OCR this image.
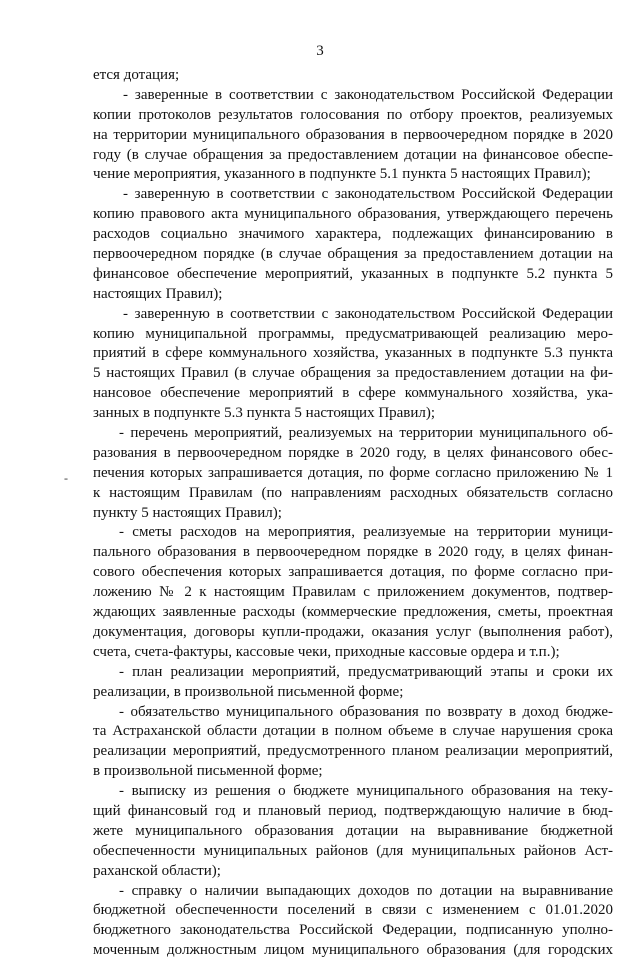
3
-
ется дотация;
- заверенные в соответствии с законодательством Российской Федерации
копии протоколов результатов голосования по отбору проектов, реализуемых
на территории муниципального образования в первоочередном порядке в 2020
году (в случае обращения за предоставлением дотации на финансовое обеспе-
чение мероприятия, указанного в подпункте 5.1 пункта 5 настоящих Правил);
- заверенную в соответствии с законодательством Российской Федерации
копию правового акта муниципального образования, утверждающего перечень
расходов социально значимого характера, подлежащих финансированию в
первоочередном порядке (в случае обращения за предоставлением дотации на
финансовое обеспечение мероприятий, указанных в подпункте 5.2 пункта 5
настоящих Правил);
- заверенную в соответствии с законодательством Российской Федерации
копию муниципальной программы, предусматривающей реализацию меро-
приятий в сфере коммунального хозяйства, указанных в подпункте 5.3 пункта
5 настоящих Правил (в случае обращения за предоставлением дотации на фи-
нансовое обеспечение мероприятий в сфере коммунального хозяйства, ука-
занных в подпункте 5.3 пункта 5 настоящих Правил);
- перечень мероприятий, реализуемых на территории муниципального об-
разования в первоочередном порядке в 2020 году, в целях финансового обес-
печения которых запрашивается дотация, по форме согласно приложению № 1
к настоящим Правилам (по направлениям расходных обязательств согласно
пункту 5 настоящих Правил);
- сметы расходов на мероприятия, реализуемые на территории муници-
пального образования в первоочередном порядке в 2020 году, в целях финан-
сового обеспечения которых запрашивается дотация, по форме согласно при-
ложению № 2 к настоящим Правилам с приложением документов, подтвер-
ждающих заявленные расходы (коммерческие предложения, сметы, проектная
документация, договоры купли-продажи, оказания услуг (выполнения работ),
счета, счета-фактуры, кассовые чеки, приходные кассовые ордера и т.п.);
- план реализации мероприятий, предусматривающий этапы и сроки их
реализации, в произвольной письменной форме;
- обязательство муниципального образования по возврату в доход бюдже-
та Астраханской области дотации в полном объеме в случае нарушения срока
реализации мероприятий, предусмотренного планом реализации мероприятий,
в произвольной письменной форме;
- выписку из решения о бюджете муниципального образования на теку-
щий финансовый год и плановый период, подтверждающую наличие в бюд-
жете муниципального образования дотации на выравнивание бюджетной
обеспеченности муниципальных районов (для муниципальных районов Аст-
раханской области);
- справку о наличии выпадающих доходов по дотации на выравнивание
бюджетной обеспеченности поселений в связи с изменением с 01.01.2020
бюджетного законодательства Российской Федерации, подписанную уполно-
моченным должностным лицом муниципального образования (для городских
